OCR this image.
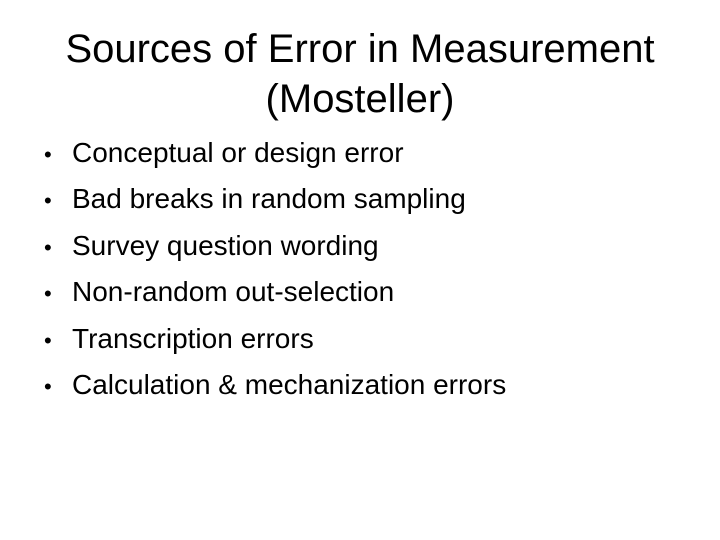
Sources of Error in Measurement
(Mosteller)
• Conceptual or design error
• Bad breaks in random sampling
• Survey question wording
• Non-random out-selection
• Transcription errors
• Calculation & mechanization errors
